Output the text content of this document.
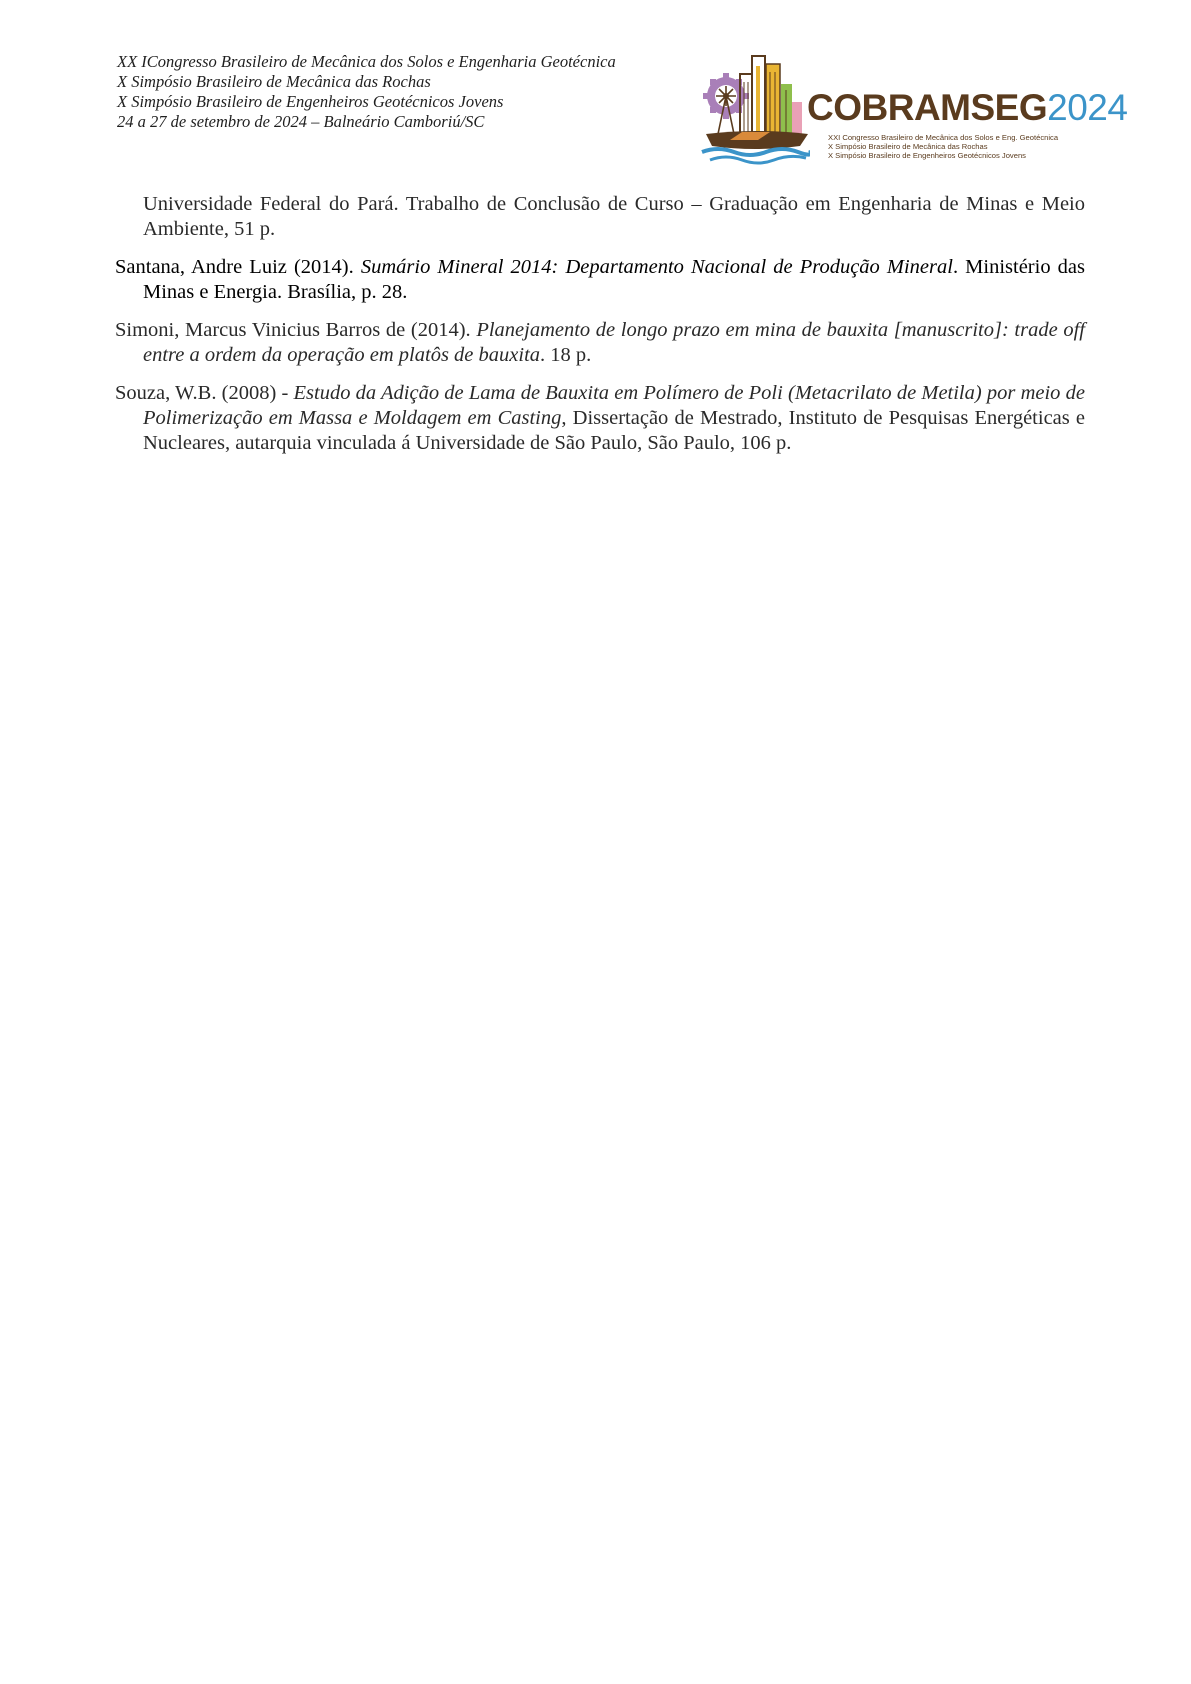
XX ICongresso Brasileiro de Mecânica dos Solos e Engenharia Geotécnica
X Simpósio Brasileiro de Mecânica das Rochas
X Simpósio Brasileiro de Engenheiros Geotécnicos Jovens
24 a 27 de setembro de 2024 – Balneário Camboriú/SC	COBRAMSEG2024
XXI Congresso Brasileiro de Mecânica dos Solos e Eng. Geotécnica
X Simpósio Brasileiro de Mecânica das Rochas
X Simpósio Brasileiro de Engenheiros Geotécnicos Jovens
Universidade Federal do Pará. Trabalho de Conclusão de Curso – Graduação em Engenharia de Minas e Meio Ambiente, 51 p.
Santana, Andre Luiz (2014). Sumário Mineral 2014: Departamento Nacional de Produção Mineral. Ministério das Minas e Energia. Brasília, p. 28.
Simoni, Marcus Vinicius Barros de (2014). Planejamento de longo prazo em mina de bauxita [manuscrito]: trade off entre a ordem da operação em platôs de bauxita. 18 p.
Souza, W.B. (2008) - Estudo da Adição de Lama de Bauxita em Polímero de Poli (Metacrilato de Metila) por meio de Polimerização em Massa e Moldagem em Casting, Dissertação de Mestrado, Instituto de Pesquisas Energéticas e Nucleares, autarquia vinculada á Universidade de São Paulo, São Paulo, 106 p.
